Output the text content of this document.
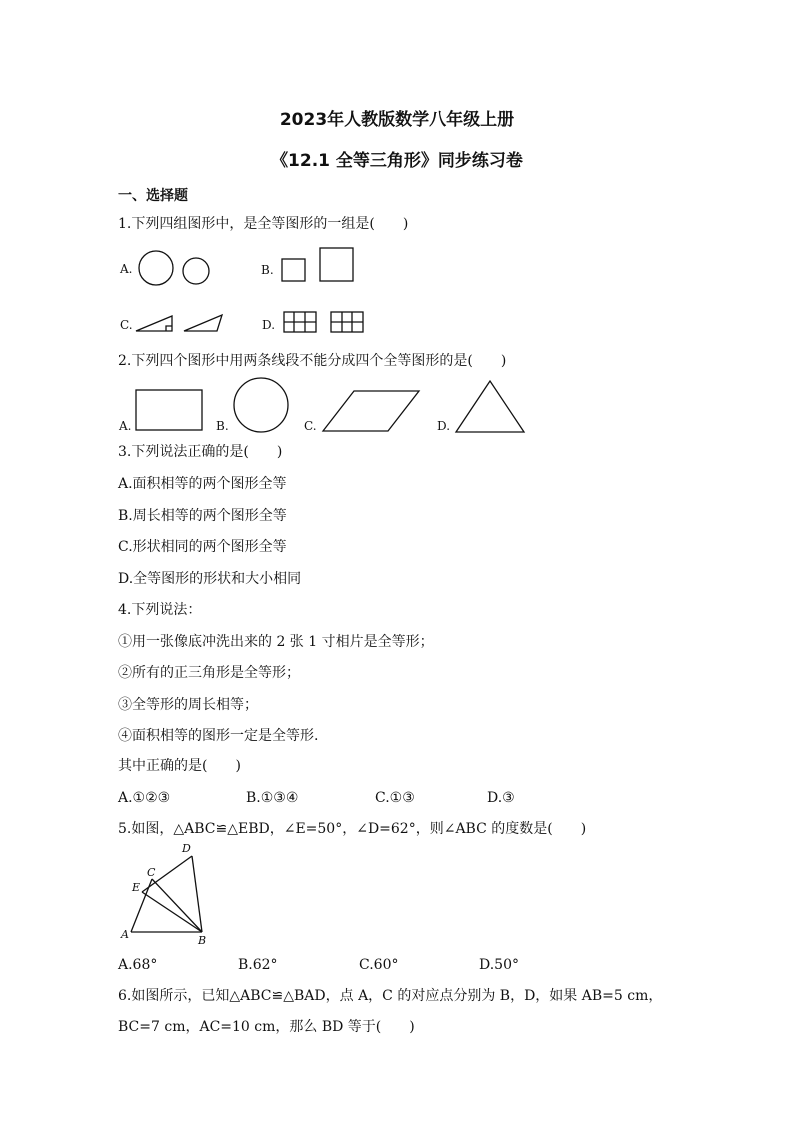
2023年人教版数学八年级上册
《12.1 全等三角形》同步练习卷
一、选择题
1.下列四组图形中，是全等图形的一组是(　　)
A.	B.
C.	D.
2.下列四个图形中用两条线段不能分成四个全等图形的是(　　)
A.	B.	C.	D.
3.下列说法正确的是(　　)
A.面积相等的两个图形全等
B.周长相等的两个图形全等
C.形状相同的两个图形全等
D.全等图形的形状和大小相同
4.下列说法：
①用一张像底冲洗出来的 2 张 1 寸相片是全等形；
②所有的正三角形是全等形；
③全等形的周长相等；
④面积相等的图形一定是全等形.
其中正确的是(　　)
A.①②③	B.①③④	C.①③	D.③
5.如图，△ABC≌△EBD，∠E=50°，∠D=62°，则∠ABC 的度数是(　　)
D
C
E
A	B
A.68°	B.62°	C.60°	D.50°
6.如图所示，已知△ABC≌△BAD，点 A，C 的对应点分别为 B，D，如果 AB=5 cm，
BC=7 cm，AC=10 cm，那么 BD 等于(　　)
